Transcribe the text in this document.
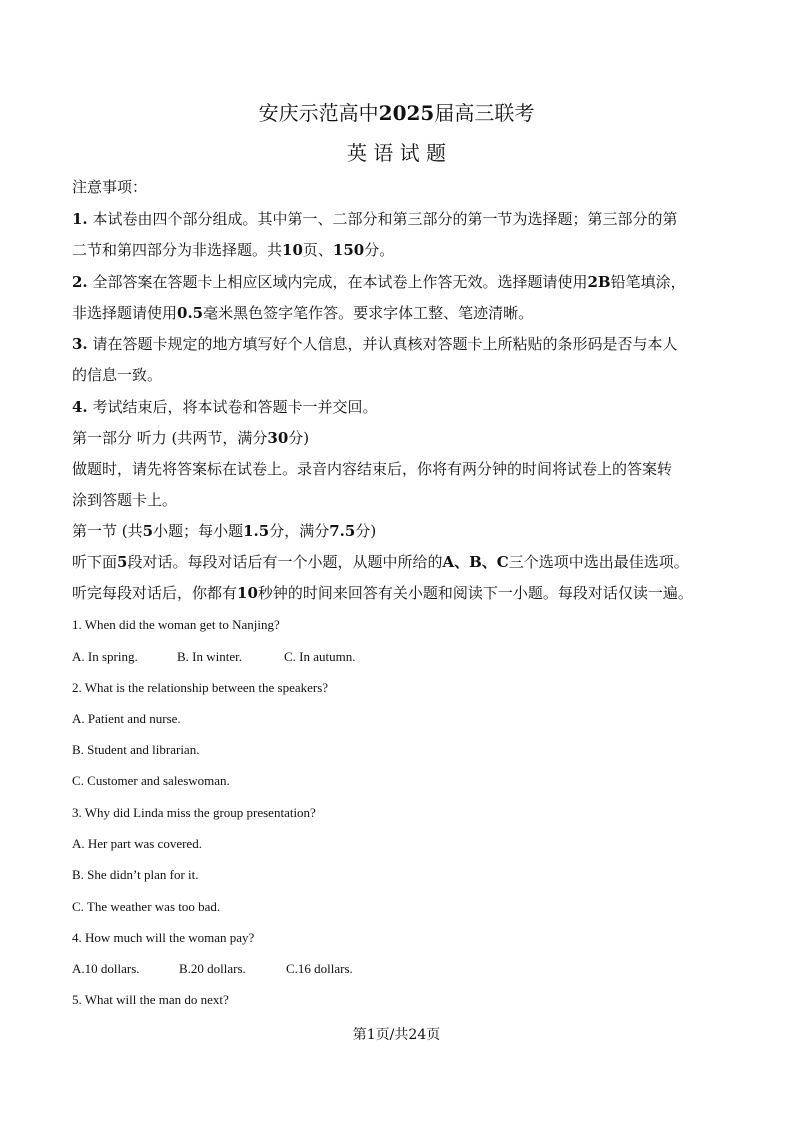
安庆示范高中2025届高三联考
英 语 试 题
注意事项：
1. 本试卷由四个部分组成。其中第一、二部分和第三部分的第一节为选择题；第三部分的第
二节和第四部分为非选择题。共10页、150分。
2. 全部答案在答题卡上相应区域内完成，在本试卷上作答无效。选择题请使用2B铅笔填涂，
非选择题请使用0.5毫米黑色签字笔作答。要求字体工整、笔迹清晰。
3. 请在答题卡规定的地方填写好个人信息，并认真核对答题卡上所粘贴的条形码是否与本人
的信息一致。
4. 考试结束后，将本试卷和答题卡一并交回。
第一部分 听力 (共两节，满分30分)
做题时，请先将答案标在试卷上。录音内容结束后，你将有两分钟的时间将试卷上的答案转
涂到答题卡上。
第一节 (共5小题；每小题1.5分，满分7.5分)
听下面5段对话。每段对话后有一个小题，从题中所给的A、B、C三个选项中选出最佳选项。
听完每段对话后，你都有10秒钟的时间来回答有关小题和阅读下一小题。每段对话仅读一遍。
1. When did the woman get to Nanjing?
A. In spring.	B. In winter.	C. In autumn.
2. What is the relationship between the speakers?
A. Patient and nurse.
B. Student and librarian.
C. Customer and saleswoman.
3. Why did Linda miss the group presentation?
A. Her part was covered.
B. She didn’t plan for it.
C. The weather was too bad.
4. How much will the woman pay?
A.10 dollars.	B.20 dollars.	C.16 dollars.
5. What will the man do next?
第1页/共24页
